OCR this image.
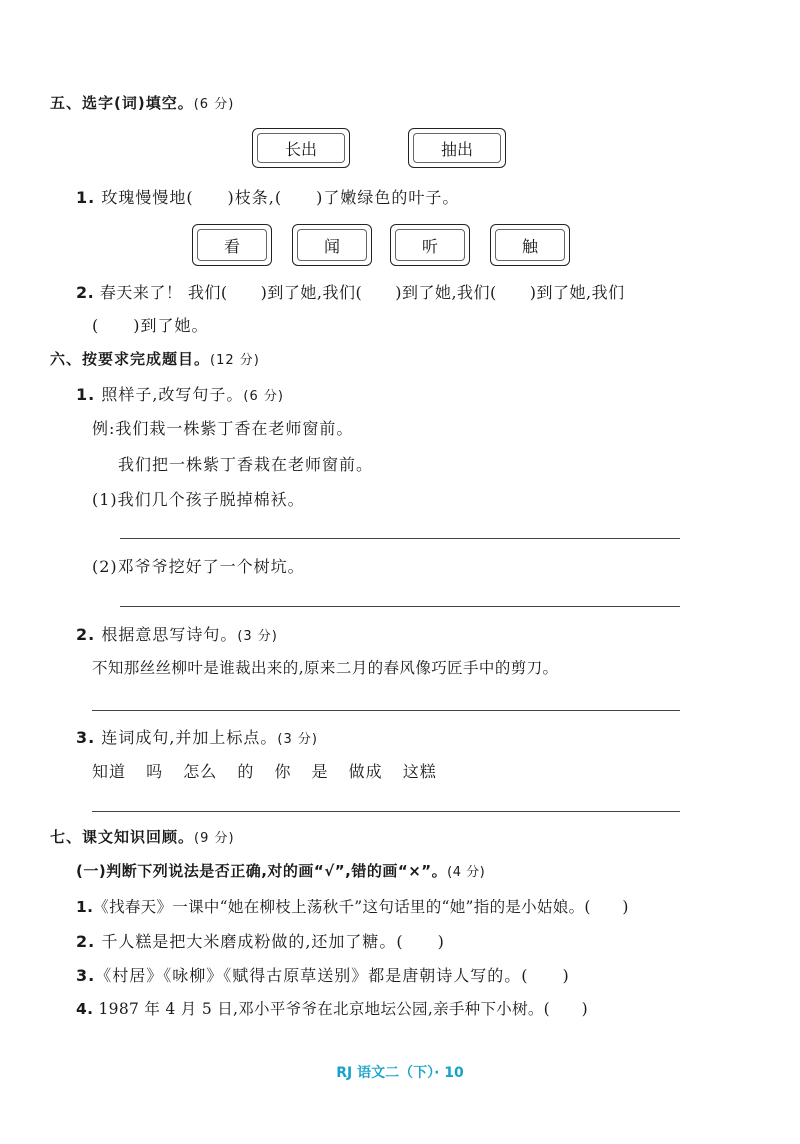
五、选字(词)填空。(6 分)
长出	抽出
1. 玫瑰慢慢地(　　)枝条,(　　)了嫩绿色的叶子。
看	闻	听	触
2. 春天来了！ 我们(　　)到了她,我们(　　)到了她,我们(　　)到了她,我们
(　　)到了她。
六、按要求完成题目。(12 分)
1. 照样子,改写句子。(6 分)
例:我们栽一株紫丁香在老师窗前。
我们把一株紫丁香栽在老师窗前。
(1)我们几个孩子脱掉棉袄。
(2)邓爷爷挖好了一个树坑。
2. 根据意思写诗句。(3 分)
不知那丝丝柳叶是谁裁出来的,原来二月的春风像巧匠手中的剪刀。
3. 连词成句,并加上标点。(3 分)
知道 吗 怎么 的 你 是 做成 这糕
七、课文知识回顾。(9 分)
(一)判断下列说法是否正确,对的画“√”,错的画“×”。(4 分)
1.《找春天》一课中“她在柳枝上荡秋千”这句话里的“她”指的是小姑娘。(　　)
2. 千人糕是把大米磨成粉做的,还加了糖。(　　)
3.《村居》《咏柳》《赋得古原草送别》都是唐朝诗人写的。(　　)
4. 1987 年 4 月 5 日,邓小平爷爷在北京地坛公园,亲手种下小树。(　　)
RJ 语文二（下）· 10
